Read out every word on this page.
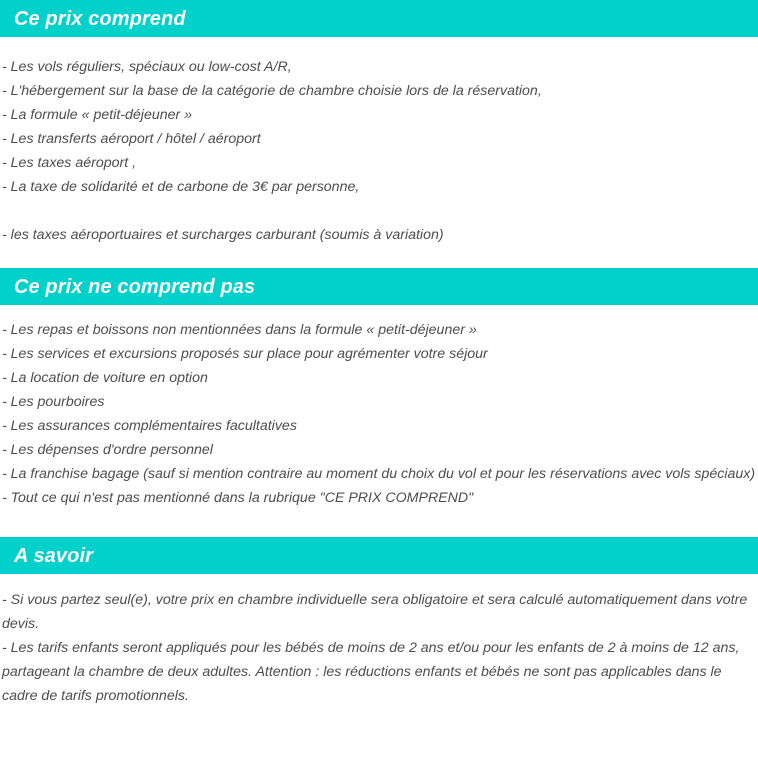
Ce prix comprend
- Les vols réguliers, spéciaux ou low-cost A/R,
- L'hébergement sur la base de la catégorie de chambre choisie lors de la réservation,
- La formule « petit-déjeuner »
- Les transferts aéroport / hôtel / aéroport
- Les taxes aéroport ,
- La taxe de solidarité et de carbone de 3€ par personne,

- les taxes aéroportuaires et surcharges carburant (soumis à variation)
Ce prix ne comprend pas
- Les repas et boissons non mentionnées dans la formule « petit-déjeuner »
- Les services et excursions proposés sur place pour agrémenter votre séjour
- La location de voiture en option
- Les pourboires
- Les assurances complémentaires facultatives
- Les dépenses d'ordre personnel
- La franchise bagage (sauf si mention contraire au moment du choix du vol et pour les réservations avec vols spéciaux)
- Tout ce qui n'est pas mentionné dans la rubrique "CE PRIX COMPREND"
A savoir
- Si vous partez seul(e), votre prix en chambre individuelle sera obligatoire et sera calculé automatiquement dans votre devis.
- Les tarifs enfants seront appliqués pour les bébés de moins de 2 ans et/ou pour les enfants de 2 à moins de 12 ans, partageant la chambre de deux adultes. Attention : les réductions enfants et bébés ne sont pas applicables dans le cadre de tarifs promotionnels.
